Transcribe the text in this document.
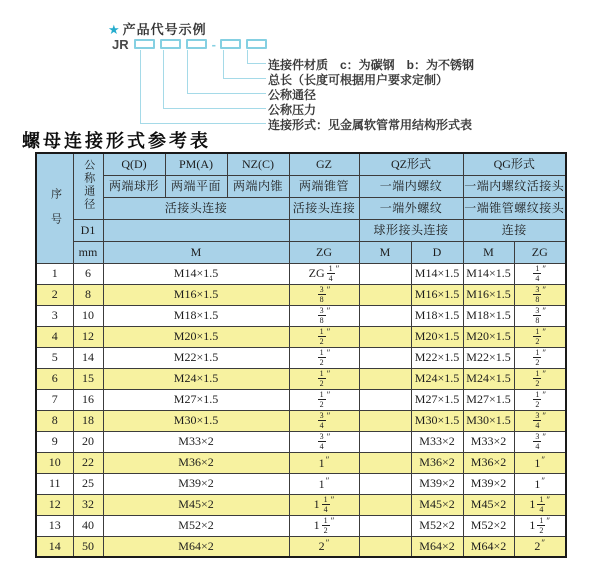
★ 产品代号示例
JR	-
连接件材质　c：为碳钢　b：为不锈钢
总长（长度可根据用户要求定制）
公称通径
公称压力
连接形式：见金属软管常用结构形式表
螺母连接形式参考表
序号	公称通径	Q(D)	PM(A)	NZ(C)	GZ	QZ形式		QG形式	
		两端球形	两端平面	两端内锥	两端锥管	一端内螺纹		一端内螺纹活接头	
		活接头连接			活接头连接	一端外螺纹		一端锥管螺纹接头	
	D1					球形接头连接		连接	
	mm	M			ZG	M	D	M	ZG
1	6	M14×1.5			ZG $\frac{1}{4} ''$		M14×1.5	M14×1.5	$\frac{1}{4} ''$
2	8	M16×1.5			$\frac{3}{8} ''$		M16×1.5	M16×1.5	$\frac{3}{8} ''$
3	10	M18×1.5			$\frac{3}{8} ''$		M18×1.5	M18×1.5	$\frac{3}{8} ''$
4	12	M20×1.5			$\frac{1}{2} ''$		M20×1.5	M20×1.5	$\frac{1}{2} ''$
5	14	M22×1.5			$\frac{1}{2} ''$		M22×1.5	M22×1.5	$\frac{1}{2} ''$
6	15	M24×1.5			$\frac{1}{2} ''$		M24×1.5	M24×1.5	$\frac{1}{2} ''$
7	16	M27×1.5			$\frac{1}{2} ''$		M27×1.5	M27×1.5	$\frac{1}{2} ''$
8	18	M30×1.5			$\frac{3}{4} ''$		M30×1.5	M30×1.5	$\frac{3}{4} ''$
9	20	M33×2			$\frac{3}{4} ''$		M33×2	M33×2	$\frac{3}{4} ''$
10	22	M36×2			1″		M36×2	M36×2	1″
11	25	M39×2			1″		M39×2	M39×2	1″
12	32	M45×2			$1 \frac{1}{4} ''$		M45×2	M45×2	$1 \frac{1}{4} ''$
13	40	M52×2			$1 \frac{1}{2} ''$		M52×2	M52×2	$1 \frac{1}{2} ''$
14	50	M64×2			2″		M64×2	M64×2	2″
